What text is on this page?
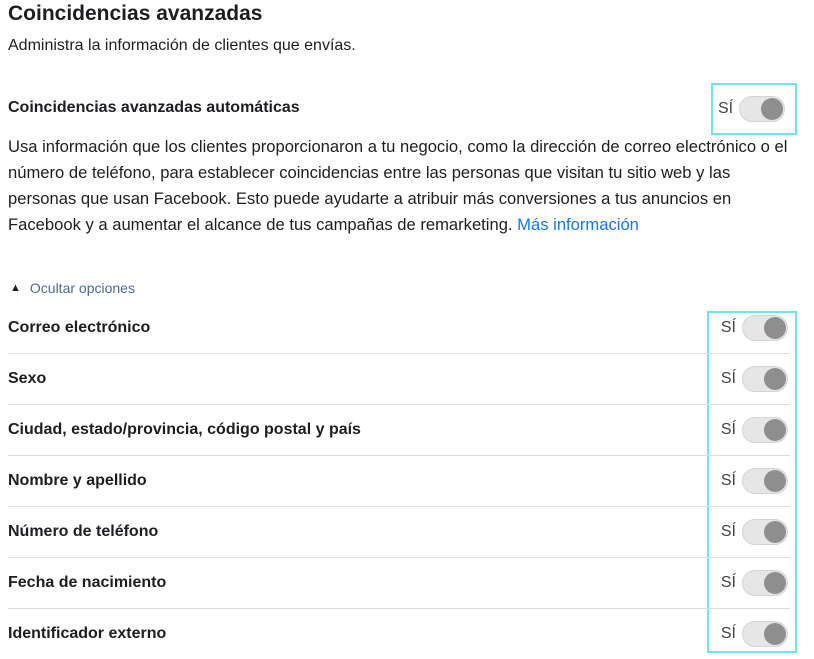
Coincidencias avanzadas

Administra la información de clientes que envías.

Coincidencias avanzadas automáticas	SÍ

Usa información que los clientes proporcionaron a tu negocio, como la dirección de correo electrónico o el número de teléfono, para establecer coincidencias entre las personas que visitan tu sitio web y las personas que usan Facebook. Esto puede ayudarte a atribuir más conversiones a tus anuncios en Facebook y a aumentar el alcance de tus campañas de remarketing. Más información

▲ Ocultar opciones
Correo electrónico	SÍ
Sexo	SÍ
Ciudad, estado/provincia, código postal y país	SÍ
Nombre y apellido	SÍ
Número de teléfono	SÍ
Fecha de nacimiento	SÍ
Identificador externo	SÍ
